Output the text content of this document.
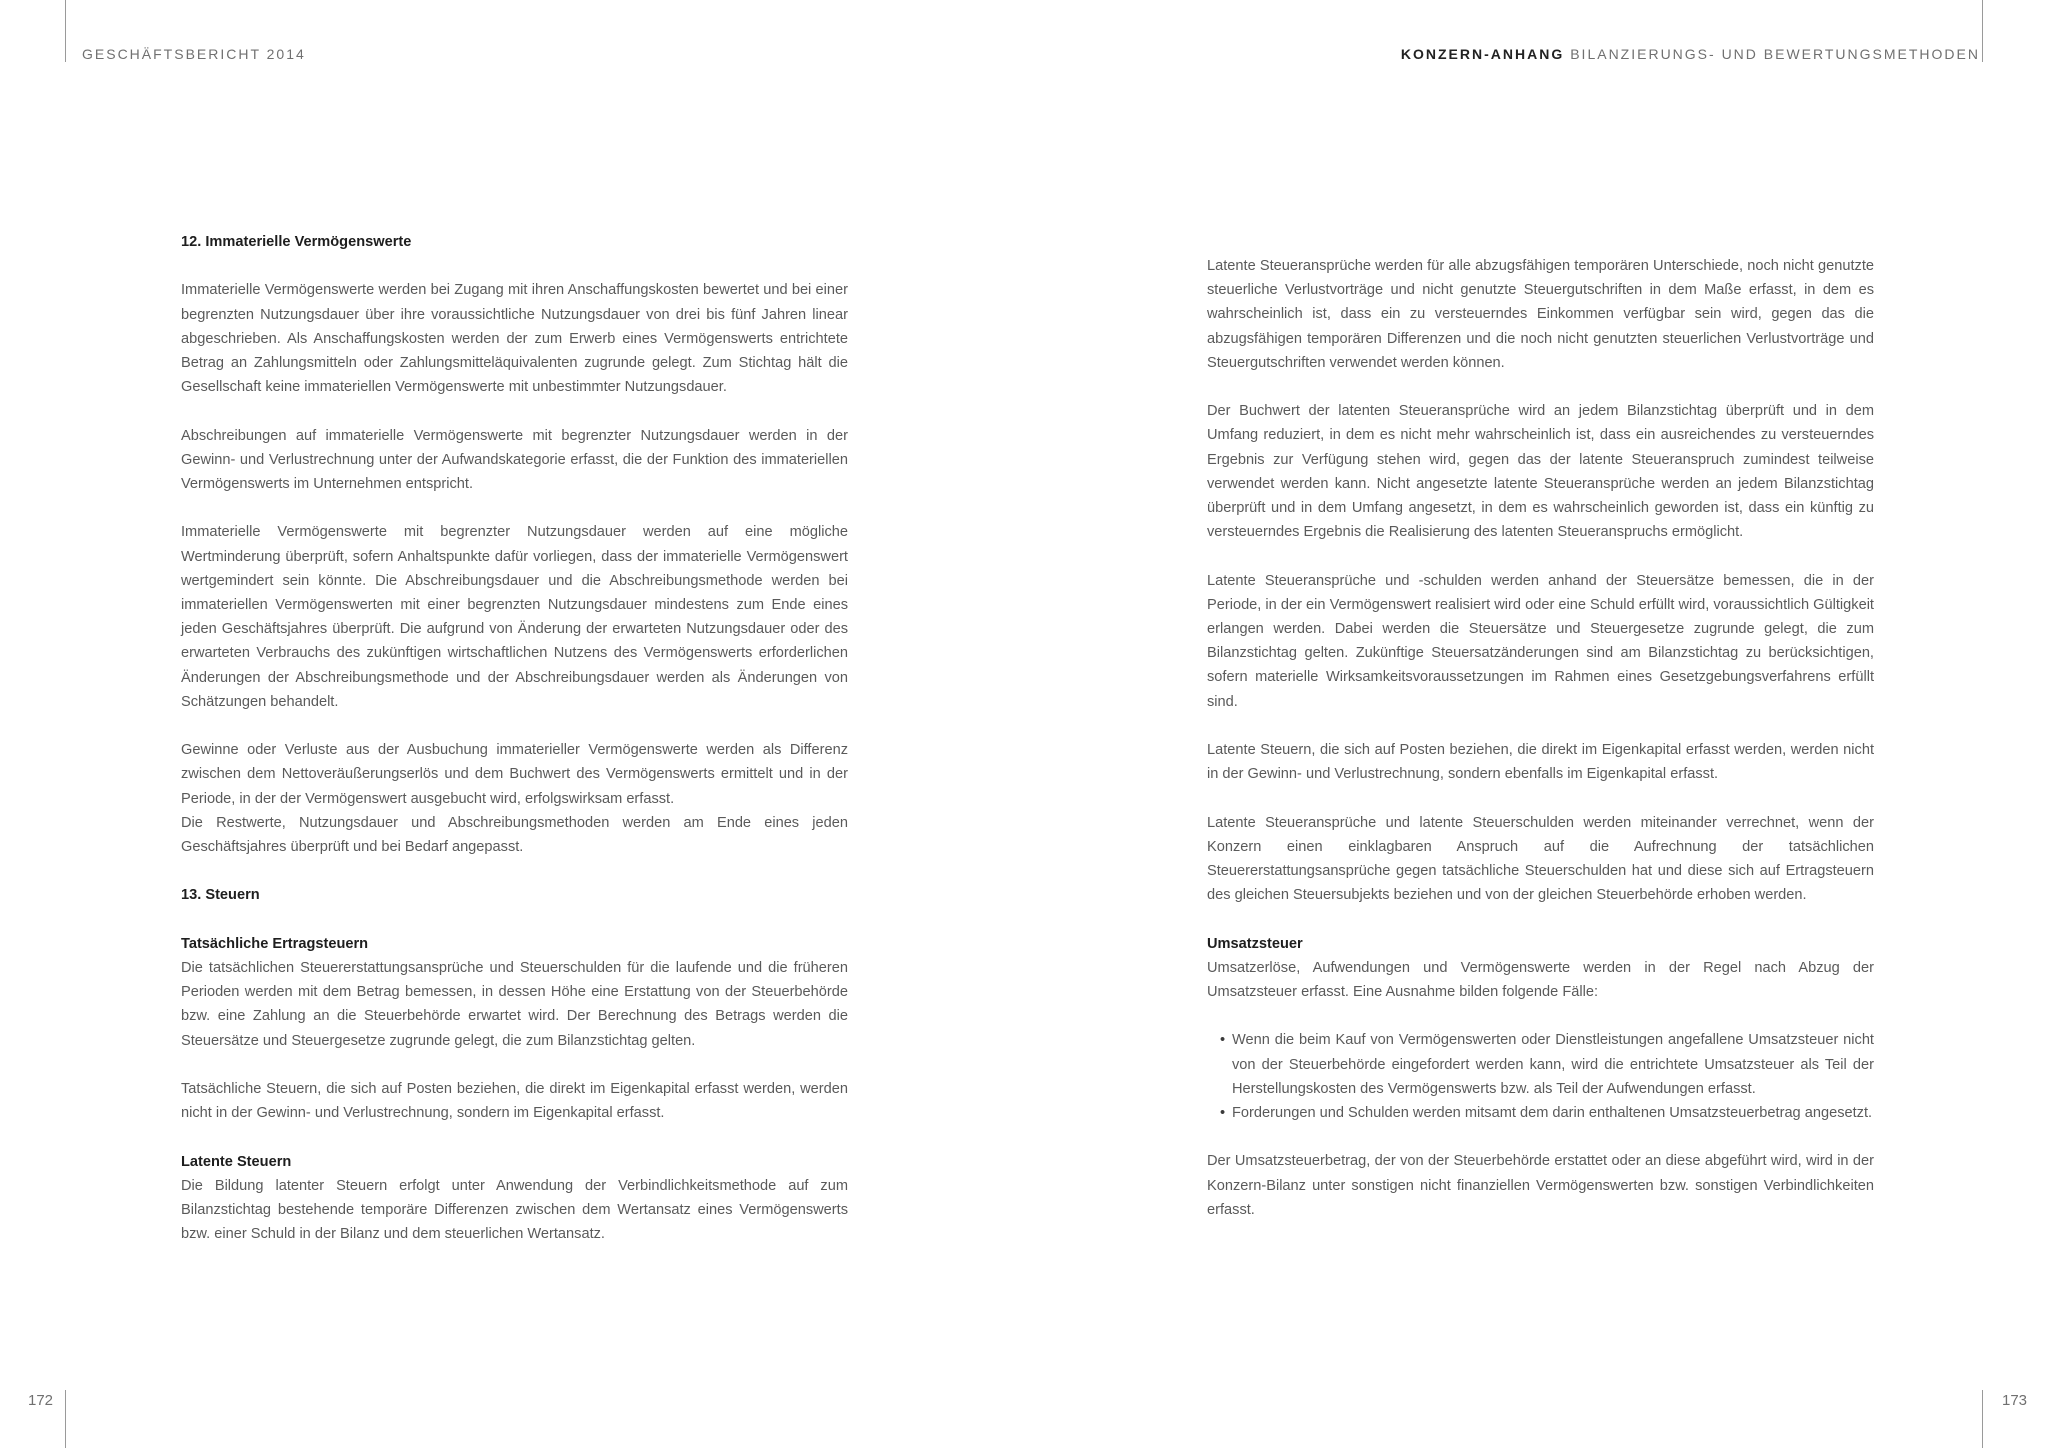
GESCHÄFTSBERICHT 2014	KONZERN-ANHANG BILANZIERUNGS- UND BEWERTUNGSMETHODEN
172	173
12. Immaterielle Vermögenswerte

Immaterielle Vermögenswerte werden bei Zugang mit ihren Anschaffungskosten bewertet und bei einer begrenzten Nutzungsdauer über ihre voraussichtliche Nutzungsdauer von drei bis fünf Jahren linear abgeschrieben. Als Anschaffungskosten werden der zum Erwerb eines Vermögenswerts entrichtete Betrag an Zahlungsmitteln oder Zahlungsmitteläquivalenten zugrunde gelegt. Zum Stichtag hält die Gesellschaft keine immateriellen Vermögenswerte mit unbestimmter Nutzungsdauer.

Abschreibungen auf immaterielle Vermögenswerte mit begrenzter Nutzungsdauer werden in der Gewinn- und Verlustrechnung unter der Aufwandskategorie erfasst, die der Funktion des immateriellen Vermögenswerts im Unternehmen entspricht.

Immaterielle Vermögenswerte mit begrenzter Nutzungsdauer werden auf eine mögliche Wertminderung überprüft, sofern Anhaltspunkte dafür vorliegen, dass der immaterielle Vermögenswert wertgemindert sein könnte. Die Abschreibungsdauer und die Abschreibungsmethode werden bei immateriellen Vermögenswerten mit einer begrenzten Nutzungsdauer mindestens zum Ende eines jeden Geschäftsjahres überprüft. Die aufgrund von Änderung der erwarteten Nutzungsdauer oder des erwarteten Verbrauchs des zukünftigen wirtschaftlichen Nutzens des Vermögenswerts erforderlichen Änderungen der Abschreibungsmethode und der Abschreibungsdauer werden als Änderungen von Schätzungen behandelt.

Gewinne oder Verluste aus der Ausbuchung immaterieller Vermögenswerte werden als Differenz zwischen dem Nettoveräußerungserlös und dem Buchwert des Vermögenswerts ermittelt und in der Periode, in der der Vermögenswert ausgebucht wird, erfolgswirksam erfasst.

Die Restwerte, Nutzungsdauer und Abschreibungsmethoden werden am Ende eines jeden Geschäftsjahres überprüft und bei Bedarf angepasst.

13. Steuern
Tatsächliche Ertragsteuern

Die tatsächlichen Steuererstattungsansprüche und Steuerschulden für die laufende und die früheren Perioden werden mit dem Betrag bemessen, in dessen Höhe eine Erstattung von der Steuerbehörde bzw. eine Zahlung an die Steuerbehörde erwartet wird. Der Berechnung des Betrags werden die Steuersätze und Steuergesetze zugrunde gelegt, die zum Bilanzstichtag gelten.

Tatsächliche Steuern, die sich auf Posten beziehen, die direkt im Eigenkapital erfasst werden, werden nicht in der Gewinn- und Verlustrechnung, sondern im Eigenkapital erfasst.

Latente Steuern

Die Bildung latenter Steuern erfolgt unter Anwendung der Verbindlichkeitsmethode auf zum Bilanzstichtag bestehende temporäre Differenzen zwischen dem Wertansatz eines Vermögenswerts bzw. einer Schuld in der Bilanz und dem steuerlichen Wertansatz.

Latente Steueransprüche werden für alle abzugsfähigen temporären Unterschiede, noch nicht genutzte steuerliche Verlustvorträge und nicht genutzte Steuergutschriften in dem Maße erfasst, in dem es wahrscheinlich ist, dass ein zu versteuerndes Einkommen verfügbar sein wird, gegen das die abzugsfähigen temporären Differenzen und die noch nicht genutzten steuerlichen Verlustvorträge und Steuergutschriften verwendet werden können.

Der Buchwert der latenten Steueransprüche wird an jedem Bilanzstichtag überprüft und in dem Umfang reduziert, in dem es nicht mehr wahrscheinlich ist, dass ein ausreichendes zu versteuerndes Ergebnis zur Verfügung stehen wird, gegen das der latente Steueranspruch zumindest teilweise verwendet werden kann. Nicht angesetzte latente Steueransprüche werden an jedem Bilanzstichtag überprüft und in dem Umfang angesetzt, in dem es wahrscheinlich geworden ist, dass ein künftig zu versteuerndes Ergebnis die Realisierung des latenten Steueranspruchs ermöglicht.

Latente Steueransprüche und -schulden werden anhand der Steuersätze bemessen, die in der Periode, in der ein Vermögenswert realisiert wird oder eine Schuld erfüllt wird, voraussichtlich Gültigkeit erlangen werden. Dabei werden die Steuersätze und Steuergesetze zugrunde gelegt, die zum Bilanzstichtag gelten. Zukünftige Steuersatzänderungen sind am Bilanzstichtag zu berücksichtigen, sofern materielle Wirksamkeitsvoraussetzungen im Rahmen eines Gesetzgebungsverfahrens erfüllt sind.

Latente Steuern, die sich auf Posten beziehen, die direkt im Eigenkapital erfasst werden, werden nicht in der Gewinn- und Verlustrechnung, sondern ebenfalls im Eigenkapital erfasst.

Latente Steueransprüche und latente Steuerschulden werden miteinander verrechnet, wenn der Konzern einen einklagbaren Anspruch auf die Aufrechnung der tatsächlichen Steuererstattungsansprüche gegen tatsächliche Steuerschulden hat und diese sich auf Ertragsteuern des gleichen Steuersubjekts beziehen und von der gleichen Steuerbehörde erhoben werden.

Umsatzsteuer

Umsatzerlöse, Aufwendungen und Vermögenswerte werden in der Regel nach Abzug der Umsatzsteuer erfasst. Eine Ausnahme bilden folgende Fälle:

• Wenn die beim Kauf von Vermögenswerten oder Dienstleistungen angefallene Umsatzsteuer nicht von der Steuerbehörde eingefordert werden kann, wird die entrichtete Umsatzsteuer als Teil der Herstellungskosten des Vermögenswerts bzw. als Teil der Aufwendungen erfasst.
• Forderungen und Schulden werden mitsamt dem darin enthaltenen Umsatzsteuerbetrag angesetzt.

Der Umsatzsteuerbetrag, der von der Steuerbehörde erstattet oder an diese abgeführt wird, wird in der Konzern-Bilanz unter sonstigen nicht finanziellen Vermögenswerten bzw. sonstigen Verbindlichkeiten erfasst.
